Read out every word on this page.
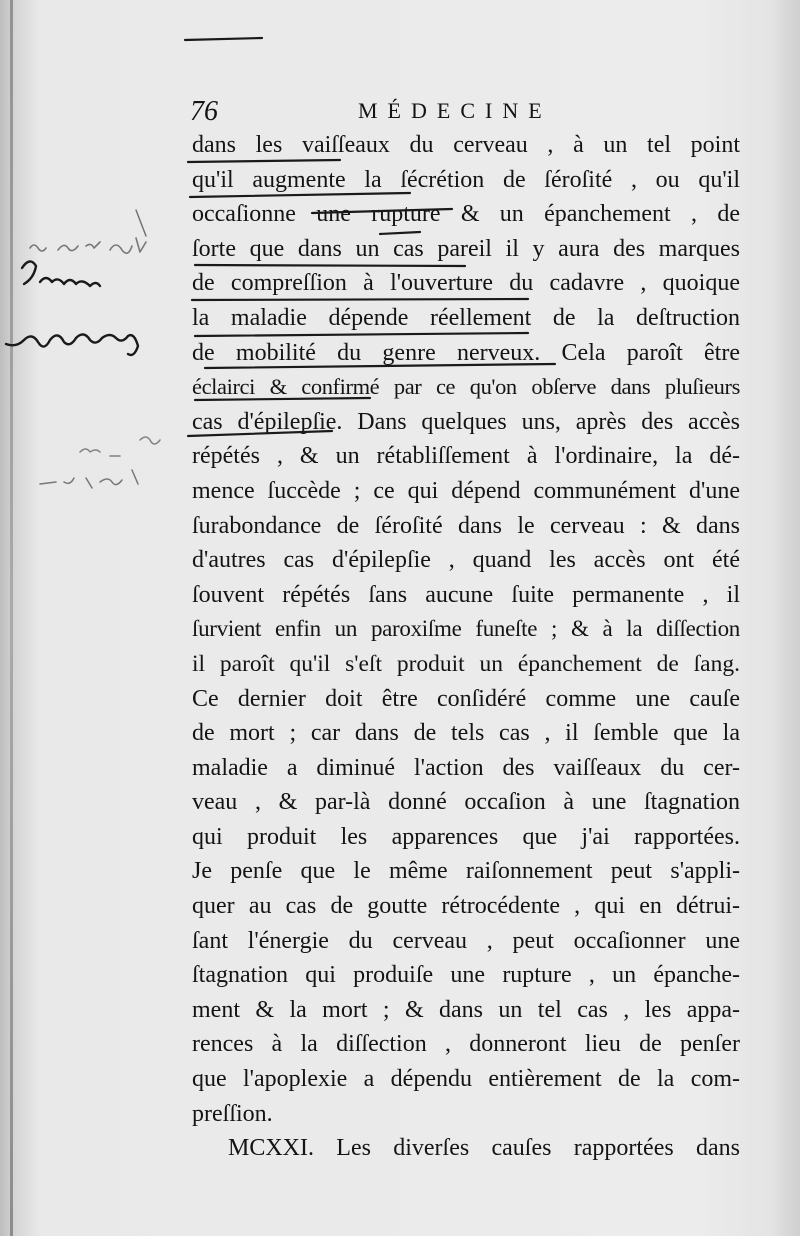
76	MÉDECINE
dans les vaiſſeaux du cerveau , à un tel point
qu'il augmente la ſécrétion de ſéroſité , ou qu'il
occaſionne une rupture & un épanchement , de
ſorte que dans un cas pareil il y aura des marques
de compreſſion à l'ouverture du cadavre , quoique
la maladie dépende réellement de la deſtruction
de mobilité du genre nerveux. Cela paroît être
éclairci & confirmé par ce qu'on obſerve dans pluſieurs
cas d'épilepſie. Dans quelques uns, après des accès
répétés , & un rétabliſſement à l'ordinaire, la dé-
mence ſuccède ; ce qui dépend communément d'une
ſurabondance de ſéroſité dans le cerveau : & dans
d'autres cas d'épilepſie , quand les accès ont été
ſouvent répétés ſans aucune ſuite permanente , il
ſurvient enfin un paroxiſme funeſte ; & à la diſſection
il paroît qu'il s'eſt produit un épanchement de ſang.
Ce dernier doit être conſidéré comme une cauſe
de mort ; car dans de tels cas , il ſemble que la
maladie a diminué l'action des vaiſſeaux du cer-
veau , & par-là donné occaſion à une ſtagnation
qui produit les apparences que j'ai rapportées.
Je penſe que le même raiſonnement peut s'appli-
quer au cas de goutte rétrocédente , qui en détrui-
ſant l'énergie du cerveau , peut occaſionner une
ſtagnation qui produiſe une rupture , un épanche-
ment & la mort ; & dans un tel cas , les appa-
rences à la diſſection , donneront lieu de penſer
que l'apoplexie a dépendu entièrement de la com-
preſſion.
MCXXI. Les diverſes cauſes rapportées dans
